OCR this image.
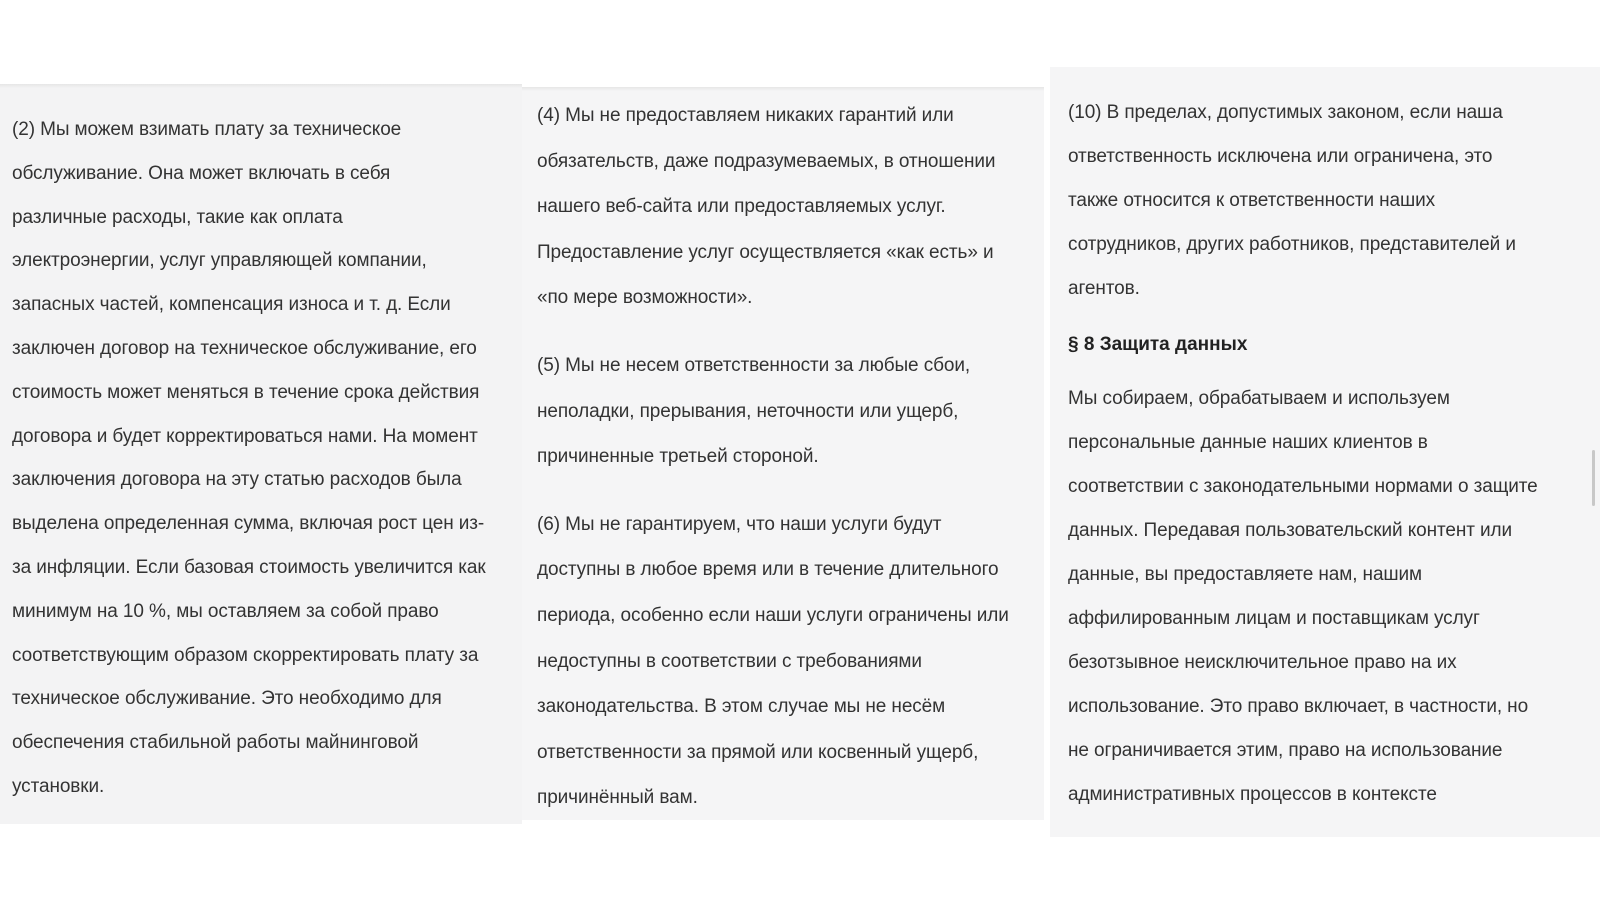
(2) Мы можем взимать плату за техническое
обслуживание. Она может включать в себя
различные расходы, такие как оплата
электроэнергии, услуг управляющей компании,
запасных частей, компенсация износа и т. д. Если
заключен договор на техническое обслуживание, его
стоимость может меняться в течение срока действия
договора и будет корректироваться нами. На момент
заключения договора на эту статью расходов была
выделена определенная сумма, включая рост цен из-
за инфляции. Если базовая стоимость увеличится как
минимум на 10 %, мы оставляем за собой право
соответствующим образом скорректировать плату за
техническое обслуживание. Это необходимо для
обеспечения стабильной работы майнинговой
установки.

(4) Мы не предоставляем никаких гарантий или
обязательств, даже подразумеваемых, в отношении
нашего веб-сайта или предоставляемых услуг.
Предоставление услуг осуществляется «как есть» и
«по мере возможности».

(5) Мы не несем ответственности за любые сбои,
неполадки, прерывания, неточности или ущерб,
причиненные третьей стороной.

(6) Мы не гарантируем, что наши услуги будут
доступны в любое время или в течение длительного
периода, особенно если наши услуги ограничены или
недоступны в соответствии с требованиями
законодательства. В этом случае мы не несём
ответственности за прямой или косвенный ущерб,
причинённый вам.

(10) В пределах, допустимых законом, если наша
ответственность исключена или ограничена, это
также относится к ответственности наших
сотрудников, других работников, представителей и
агентов.

§ 8 Защита данных

Мы собираем, обрабатываем и используем
персональные данные наших клиентов в
соответствии с законодательными нормами о защите
данных. Передавая пользовательский контент или
данные, вы предоставляете нам, нашим
аффилированным лицам и поставщикам услуг
безотзывное неисключительное право на их
использование. Это право включает, в частности, но
не ограничивается этим, право на использование
административных процессов в контексте
